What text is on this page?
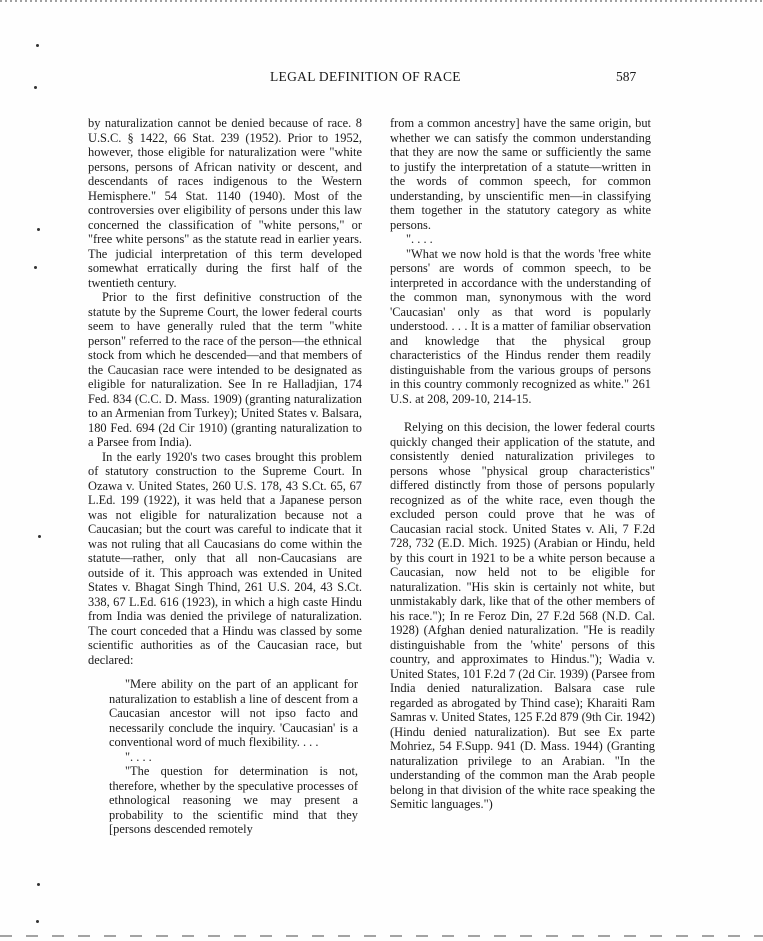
LEGAL DEFINITION OF RACE	587

by naturalization cannot be denied because of race. 8 U.S.C. § 1422, 66 Stat. 239 (1952). Prior to 1952, however, those eligible for naturalization were "white persons, persons of African nativity or descent, and descendants of races indigenous to the Western Hemisphere." 54 Stat. 1140 (1940). Most of the controversies over eligibility of persons under this law concerned the classification of "white persons," or "free white persons" as the statute read in earlier years. The judicial interpretation of this term developed somewhat erratically during the first half of the twentieth century.

Prior to the first definitive construction of the statute by the Supreme Court, the lower federal courts seem to have generally ruled that the term "white person" referred to the race of the person—the ethnical stock from which he descended—and that members of the Caucasian race were intended to be designated as eligible for naturalization. See In re Halladjian, 174 Fed. 834 (C.C. D. Mass. 1909) (granting naturalization to an Armenian from Turkey); United States v. Balsara, 180 Fed. 694 (2d Cir 1910) (granting naturalization to a Parsee from India).

In the early 1920's two cases brought this problem of statutory construction to the Supreme Court. In Ozawa v. United States, 260 U.S. 178, 43 S.Ct. 65, 67 L.Ed. 199 (1922), it was held that a Japanese person was not eligible for naturalization because not a Caucasian; but the court was careful to indicate that it was not ruling that all Caucasians do come within the statute—rather, only that all non-Caucasians are outside of it. This approach was extended in United States v. Bhagat Singh Thind, 261 U.S. 204, 43 S.Ct. 338, 67 L.Ed. 616 (1923), in which a high caste Hindu from India was denied the privilege of naturalization. The court conceded that a Hindu was classed by some scientific authorities as of the Caucasian race, but declared:

"Mere ability on the part of an applicant for naturalization to establish a line of descent from a Caucasian ancestor will not ipso facto and necessarily conclude the inquiry. 'Caucasian' is a conventional word of much flexibility. . . .

". . . .

"The question for determination is not, therefore, whether by the speculative processes of ethnological reasoning we may present a probability to the scientific mind that they [persons descended remotely

from a common ancestry] have the same origin, but whether we can satisfy the common understanding that they are now the same or sufficiently the same to justify the interpretation of a statute—written in the words of common speech, for common understanding, by unscientific men—in classifying them together in the statutory category as white persons.

". . . .

"What we now hold is that the words 'free white persons' are words of common speech, to be interpreted in accordance with the understanding of the common man, synonymous with the word 'Caucasian' only as that word is popularly understood. . . . It is a matter of familiar observation and knowledge that the physical group characteristics of the Hindus render them readily distinguishable from the various groups of persons in this country commonly recognized as white." 261 U.S. at 208, 209-10, 214-15.

Relying on this decision, the lower federal courts quickly changed their application of the statute, and consistently denied naturalization privileges to persons whose "physical group characteristics" differed distinctly from those of persons popularly recognized as of the white race, even though the excluded person could prove that he was of Caucasian racial stock. United States v. Ali, 7 F.2d 728, 732 (E.D. Mich. 1925) (Arabian or Hindu, held by this court in 1921 to be a white person because a Caucasian, now held not to be eligible for naturalization. "His skin is certainly not white, but unmistakably dark, like that of the other members of his race."); In re Feroz Din, 27 F.2d 568 (N.D. Cal. 1928) (Afghan denied naturalization. "He is readily distinguishable from the 'white' persons of this country, and approximates to Hindus."); Wadia v. United States, 101 F.2d 7 (2d Cir. 1939) (Parsee from India denied naturalization. Balsara case rule regarded as abrogated by Thind case); Kharaiti Ram Samras v. United States, 125 F.2d 879 (9th Cir. 1942) (Hindu denied naturalization). But see Ex parte Mohriez, 54 F.Supp. 941 (D. Mass. 1944) (Granting naturalization privilege to an Arabian. "In the understanding of the common man the Arab people belong in that division of the white race speaking the Semitic languages.")
